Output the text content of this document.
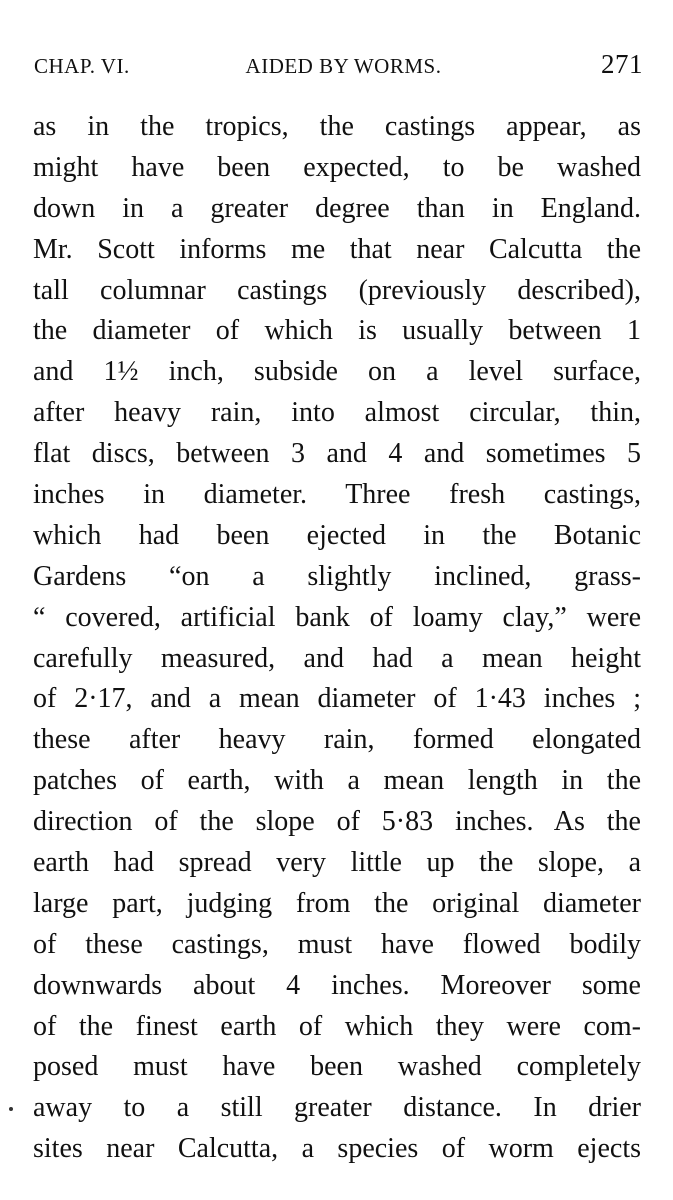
CHAP. VI.	AIDED BY WORMS.	271
as in the tropics, the castings appear, as
might have been expected, to be washed
down in a greater degree than in England.
Mr. Scott informs me that near Calcutta the
tall columnar castings (previously described),
the diameter of which is usually between 1
and 1½ inch, subside on a level surface,
after heavy rain, into almost circular, thin,
flat discs, between 3 and 4 and sometimes 5
inches in diameter. Three fresh castings,
which had been ejected in the Botanic
Gardens “on a slightly inclined, grass-
“ covered, artificial bank of loamy clay,” were
carefully measured, and had a mean height
of 2·17, and a mean diameter of 1·43 inches ;
these after heavy rain, formed elongated
patches of earth, with a mean length in the
direction of the slope of 5·83 inches. As the
earth had spread very little up the slope, a
large part, judging from the original diameter
of these castings, must have flowed bodily
downwards about 4 inches. Moreover some
of the finest earth of which they were com-
posed must have been washed completely
away to a still greater distance. In drier
sites near Calcutta, a species of worm ejects
